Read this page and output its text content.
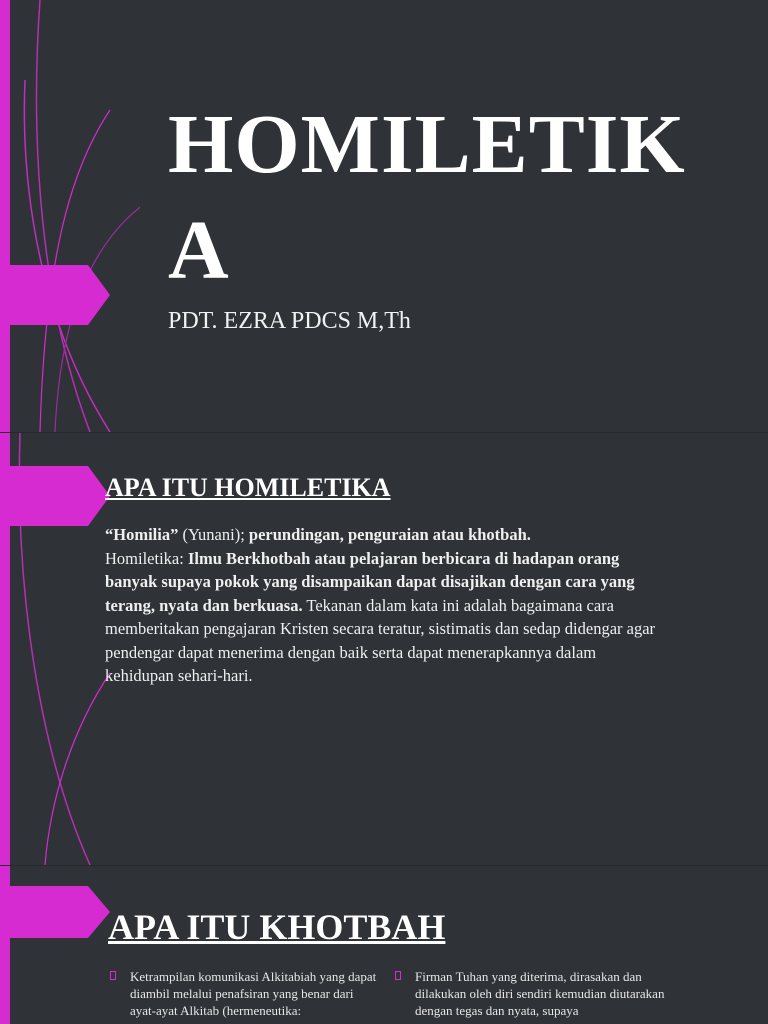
HOMILETIKA
PDT. EZRA PDCS M,Th
APA ITU HOMILETIKA
“Homilia” (Yunani); perundingan, penguraian atau khotbah.
Homiletika: Ilmu Berkhotbah atau pelajaran berbicara di hadapan orang banyak supaya pokok yang disampaikan dapat disajikan dengan cara yang terang, nyata dan berkuasa. Tekanan dalam kata ini adalah bagaimana cara memberitakan pengajaran Kristen secara teratur, sistimatis dan sedap didengar agar pendengar dapat menerima dengan baik serta dapat menerapkannya dalam kehidupan sehari-hari.
APA ITU KHOTBAH
Ketrampilan komunikasi Alkitabiah yang dapat diambil melalui penafsiran yang benar dari ayat-ayat Alkitab (hermeneutika:
Firman Tuhan yang diterima, dirasakan dan dilakukan oleh diri sendiri kemudian diutarakan dengan tegas dan nyata, supaya
